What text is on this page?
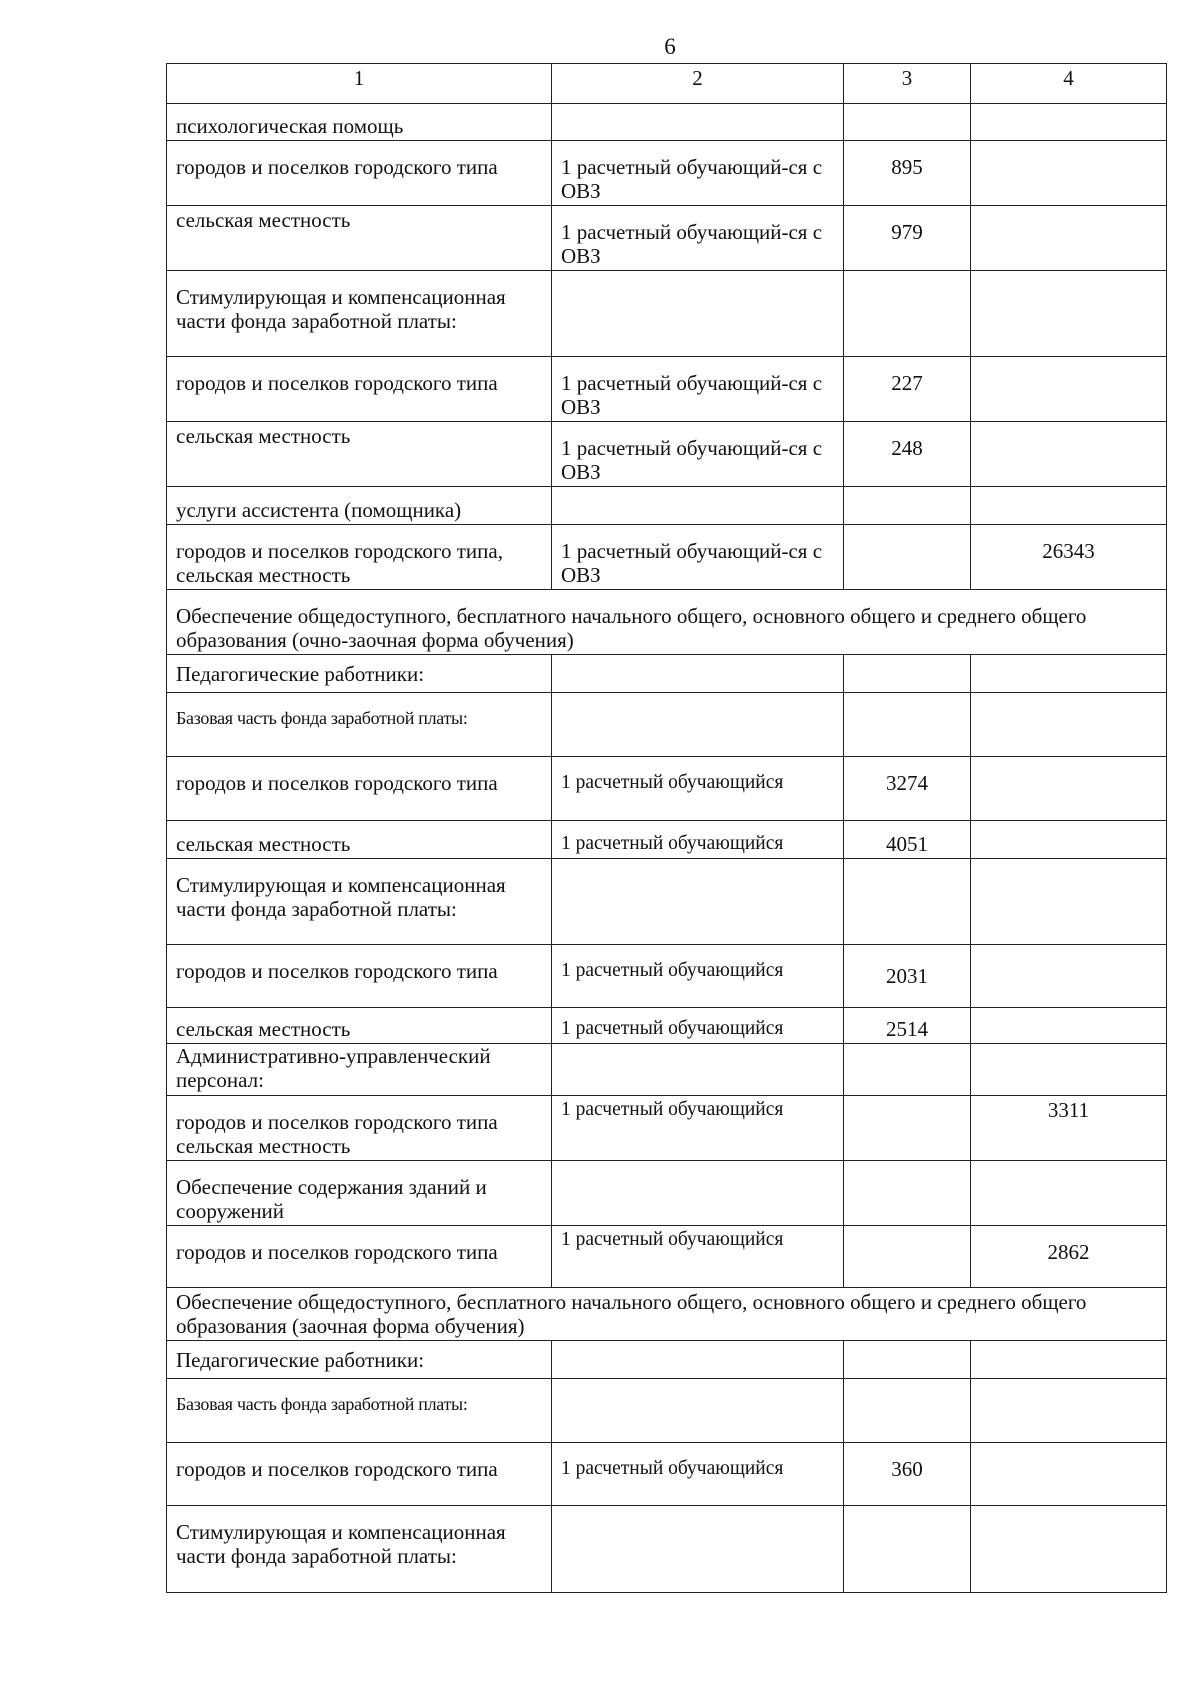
6
1	2	3	4
психологическая помощь			
городов и поселков городского типа	1 расчетный обучающий-ся с ОВЗ	895	
сельская местность	1 расчетный обучающий-ся с ОВЗ	979	
Стимулирующая и компенсационная части фонда заработной платы:			
городов и поселков городского типа	1 расчетный обучающий-ся с ОВЗ	227	
сельская местность	1 расчетный обучающий-ся с ОВЗ	248	
услуги ассистента (помощника)			
городов и поселков городского типа, сельская местность	1 расчетный обучающий-ся с ОВЗ		26343
Обеспечение общедоступного, бесплатного начального общего, основного общего и среднего общего образования (очно-заочная форма обучения)			
Педагогические работники:			
Базовая часть фонда заработной платы:			
городов и поселков городского типа	1 расчетный обучающийся	3274	
сельская местность	1 расчетный обучающийся	4051	
Стимулирующая и компенсационная части фонда заработной платы:			
городов и поселков городского типа	1 расчетный обучающийся	2031	
сельская местность	1 расчетный обучающийся	2514	
Административно-управленческий персонал:			
городов и поселков городского типа сельская местность	1 расчетный обучающийся		3311
Обеспечение содержания зданий и сооружений			
городов и поселков городского типа	1 расчетный обучающийся		2862
Обеспечение общедоступного, бесплатного начального общего, основного общего и среднего общего образования (заочная форма обучения)			
Педагогические работники:			
Базовая часть фонда заработной платы:			
городов и поселков городского типа	1 расчетный обучающийся	360	
Стимулирующая и компенсационная части фонда заработной платы:			
